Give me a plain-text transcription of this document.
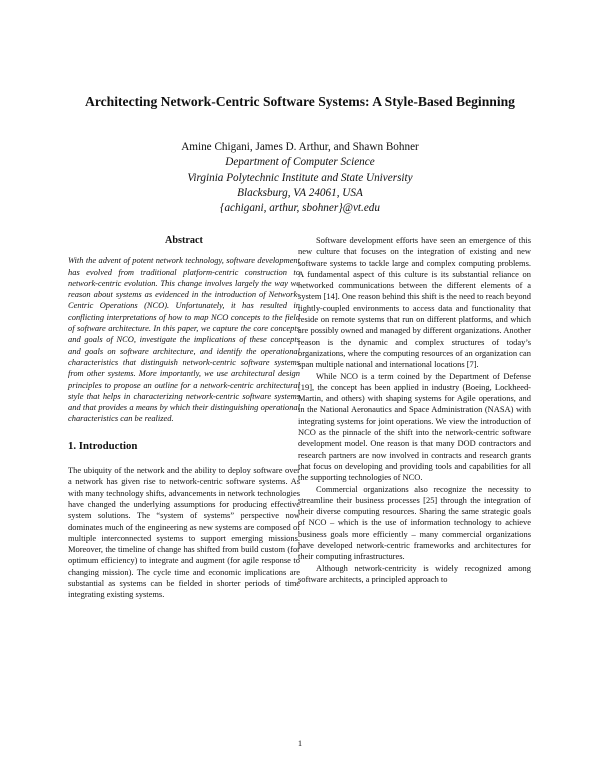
Architecting Network-Centric Software Systems: A Style-Based Beginning
Amine Chigani, James D. Arthur, and Shawn Bohner
Department of Computer Science
Virginia Polytechnic Institute and State University
Blacksburg, VA 24061, USA
{achigani, arthur, sbohner}@vt.edu
Abstract

With the advent of potent network technology, software development has evolved from traditional platform-centric construction to network-centric evolution. This change involves largely the way we reason about systems as evidenced in the introduction of Network-Centric Operations (NCO). Unfortunately, it has resulted in conflicting interpretations of how to map NCO concepts to the field of software architecture. In this paper, we capture the core concepts and goals of NCO, investigate the implications of these concepts and goals on software architecture, and identify the operational characteristics that distinguish network-centric software systems from other systems. More importantly, we use architectural design principles to propose an outline for a network-centric architectural style that helps in characterizing network-centric software systems and that provides a means by which their distinguishing operational characteristics can be realized.

1. Introduction

The ubiquity of the network and the ability to deploy software over a network has given rise to network-centric software systems. As with many technology shifts, advancements in network technologies have changed the underlying assumptions for producing effective system solutions. The “system of systems” perspective now dominates much of the engineering as new systems are composed of multiple interconnected systems to support emerging missions. Moreover, the timeline of change has shifted from build custom (for optimum efficiency) to integrate and augment (for agile response to changing mission). The cycle time and economic implications are substantial as systems can be fielded in shorter periods of time integrating existing systems.

Software development efforts have seen an emergence of this new culture that focuses on the integration of existing and new software systems to tackle large and complex computing problems. A fundamental aspect of this culture is its substantial reliance on networked communications between the different elements of a system [14]. One reason behind this shift is the need to reach beyond tightly-coupled environments to access data and functionality that reside on remote systems that run on different platforms, and which are possibly owned and managed by different organizations. Another reason is the dynamic and complex structures of today’s organizations, where the computing resources of an organization can span multiple national and international locations [7].

While NCO is a term coined by the Department of Defense [19], the concept has been applied in industry (Boeing, Lockheed-Martin, and others) with shaping systems for Agile operations, and in the National Aeronautics and Space Administration (NASA) with integrating systems for joint operations. We view the introduction of NCO as the pinnacle of the shift into the network-centric software development model. One reason is that many DOD contractors and research partners are now involved in contracts and research grants that focus on developing and providing tools and capabilities for all the supporting technologies of NCO.

Commercial organizations also recognize the necessity to streamline their business processes [25] through the integration of their diverse computing resources. Sharing the same strategic goals of NCO – which is the use of information technology to achieve business goals more efficiently – many commercial organizations have developed network-centric frameworks and architectures for their computing infrastructures.

Although network-centricity is widely recognized among software architects, a principled approach to

1
